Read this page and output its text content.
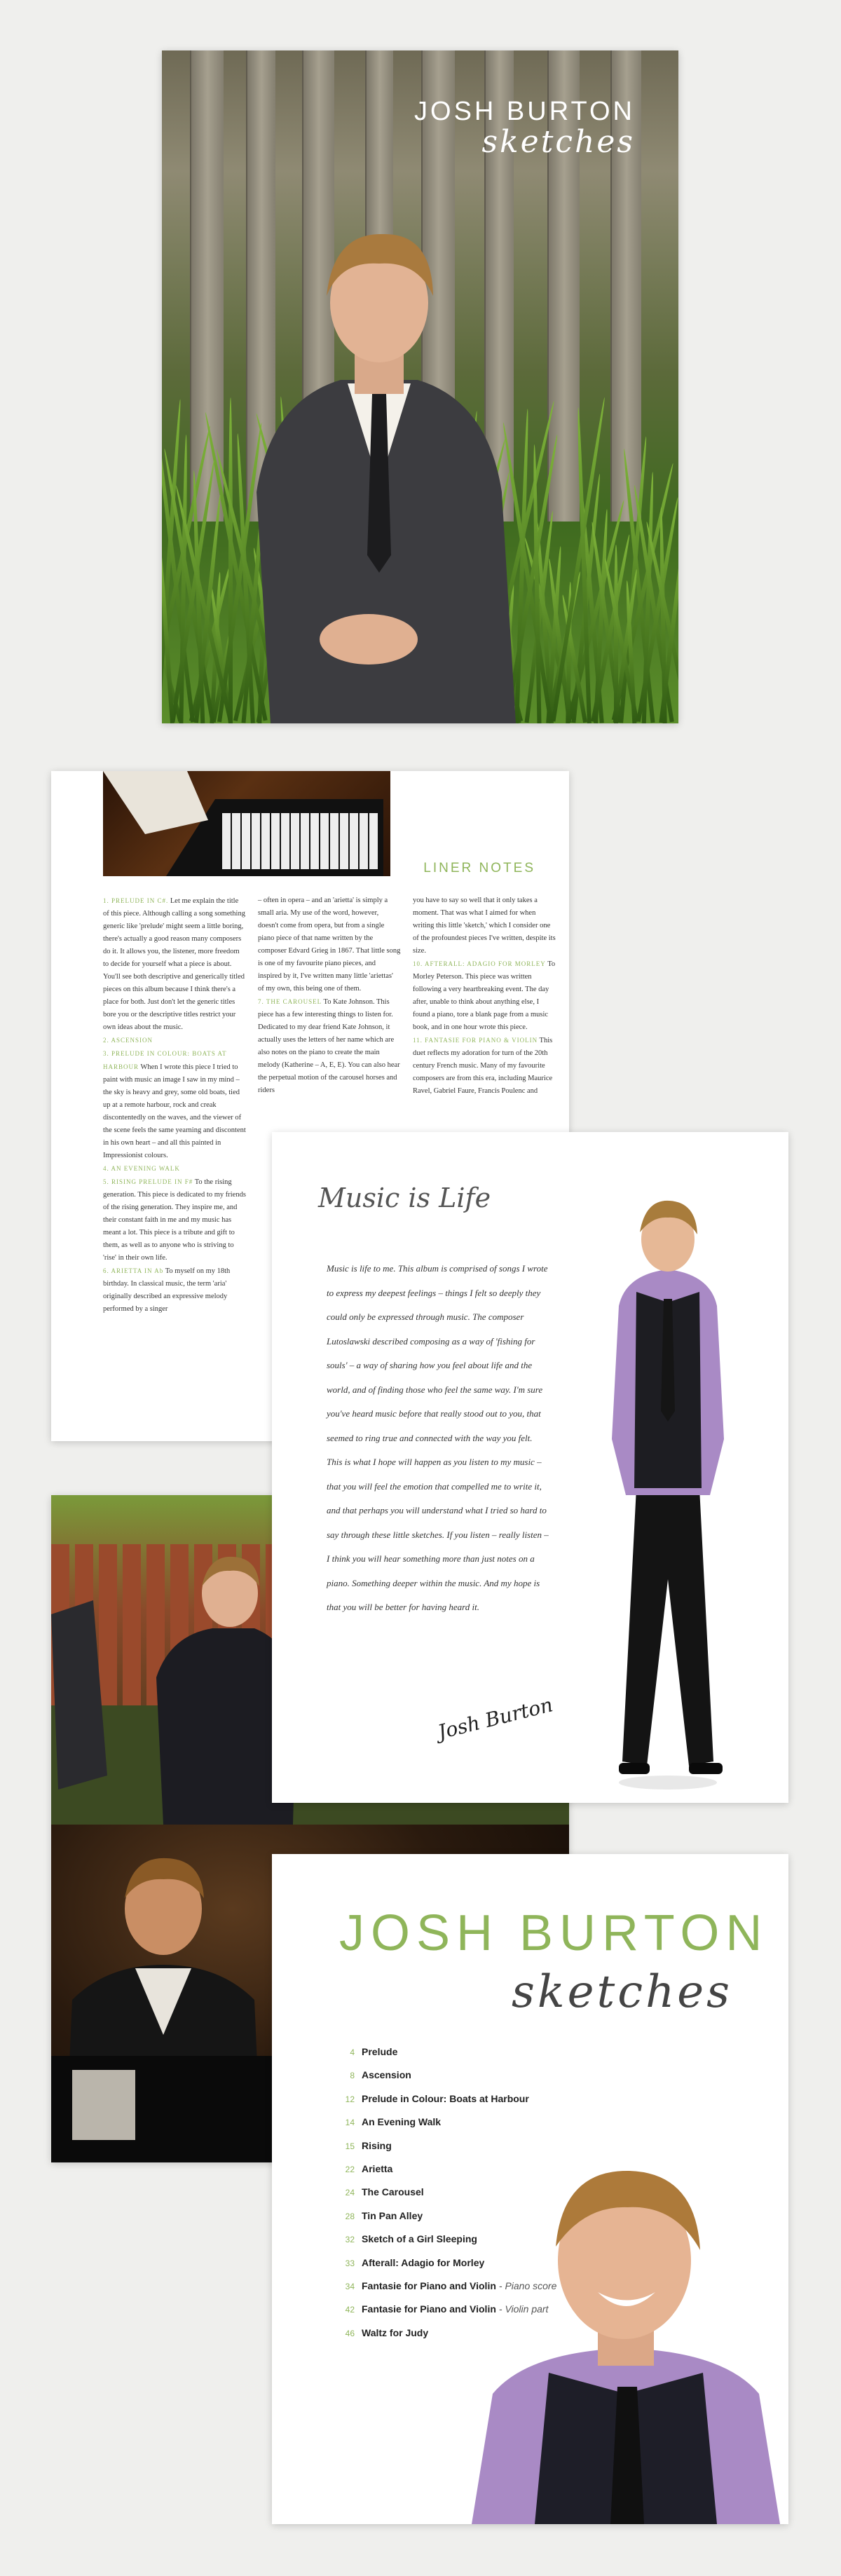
JOSH BURTON
sketches
LINER NOTES
1. PRELUDE IN C#. Let me explain the title of this piece. Although calling a song something generic like 'prelude' might seem a little boring, there's actually a good reason many composers do it. It allows you, the listener, more freedom to decide for yourself what a piece is about. You'll see both descriptive and generically titled pieces on this album because I think there's a place for both. Just don't let the generic titles bore you or the descriptive titles restrict your own ideas about the music.
2. ASCENSION
3. PRELUDE IN COLOUR: BOATS AT HARBOUR When I wrote this piece I tried to paint with music an image I saw in my mind – the sky is heavy and grey, some old boats, tied up at a remote harbour, rock and creak discontentedly on the waves, and the viewer of the scene feels the same yearning and discontent in his own heart – and all this painted in Impressionist colours.
4. AN EVENING WALK
5. RISING PRELUDE IN F# To the rising generation. This piece is dedicated to my friends of the rising generation. They inspire me, and their constant faith in me and my music has meant a lot. This piece is a tribute and gift to them, as well as to anyone who is striving to 'rise' in their own life.
6. ARIETTA IN Ab To myself on my 18th birthday. In classical music, the term 'aria' originally described an expressive melody performed by a singer
– often in opera – and an 'arietta' is simply a small aria. My use of the word, however, doesn't come from opera, but from a single piano piece of that name written by the composer Edvard Grieg in 1867. That little song is one of my favourite piano pieces, and inspired by it, I've written many little 'ariettas' of my own, this being one of them.
7. THE CAROUSEL To Kate Johnson. This piece has a few interesting things to listen for. Dedicated to my dear friend Kate Johnson, it actually uses the letters of her name which are also notes on the piano to create the main melody (Katherine – A, E, E). You can also hear the perpetual motion of the carousel horses and riders
you have to say so well that it only takes a moment. That was what I aimed for when writing this little 'sketch,' which I consider one of the profoundest pieces I've written, despite its size.
10. AFTERALL: ADAGIO FOR MORLEY To Morley Peterson. This piece was written following a very heartbreaking event. The day after, unable to think about anything else, I found a piano, tore a blank page from a music book, and in one hour wrote this piece.
11. FANTASIE FOR PIANO & VIOLIN This duet reflects my adoration for turn of the 20th century French music. Many of my favourite composers are from this era, including Maurice Ravel, Gabriel Faure, Francis Poulenc and
Music is Life
Music is life to me. This album is comprised of songs I wrote to express my deepest feelings – things I felt so deeply they could only be expressed through music. The composer Lutoslawski described composing as a way of 'fishing for souls' – a way of sharing how you feel about life and the world, and of finding those who feel the same way. I'm sure you've heard music before that really stood out to you, that seemed to ring true and connected with the way you felt. This is what I hope will happen as you listen to my music – that you will feel the emotion that compelled me to write it, and that perhaps you will understand what I tried so hard to say through these little sketches. If you listen – really listen – I think you will hear something more than just notes on a piano. Something deeper within the music. And my hope is that you will be better for having heard it.
Josh Burton
JOSH BURTON
sketches
4 Prelude
8 Ascension
12 Prelude in Colour: Boats at Harbour
14 An Evening Walk
15 Rising
22 Arietta
24 The Carousel
28 Tin Pan Alley
32 Sketch of a Girl Sleeping
33 Afterall: Adagio for Morley
34 Fantasie for Piano and Violin - Piano score
42 Fantasie for Piano and Violin - Violin part
46 Waltz for Judy
